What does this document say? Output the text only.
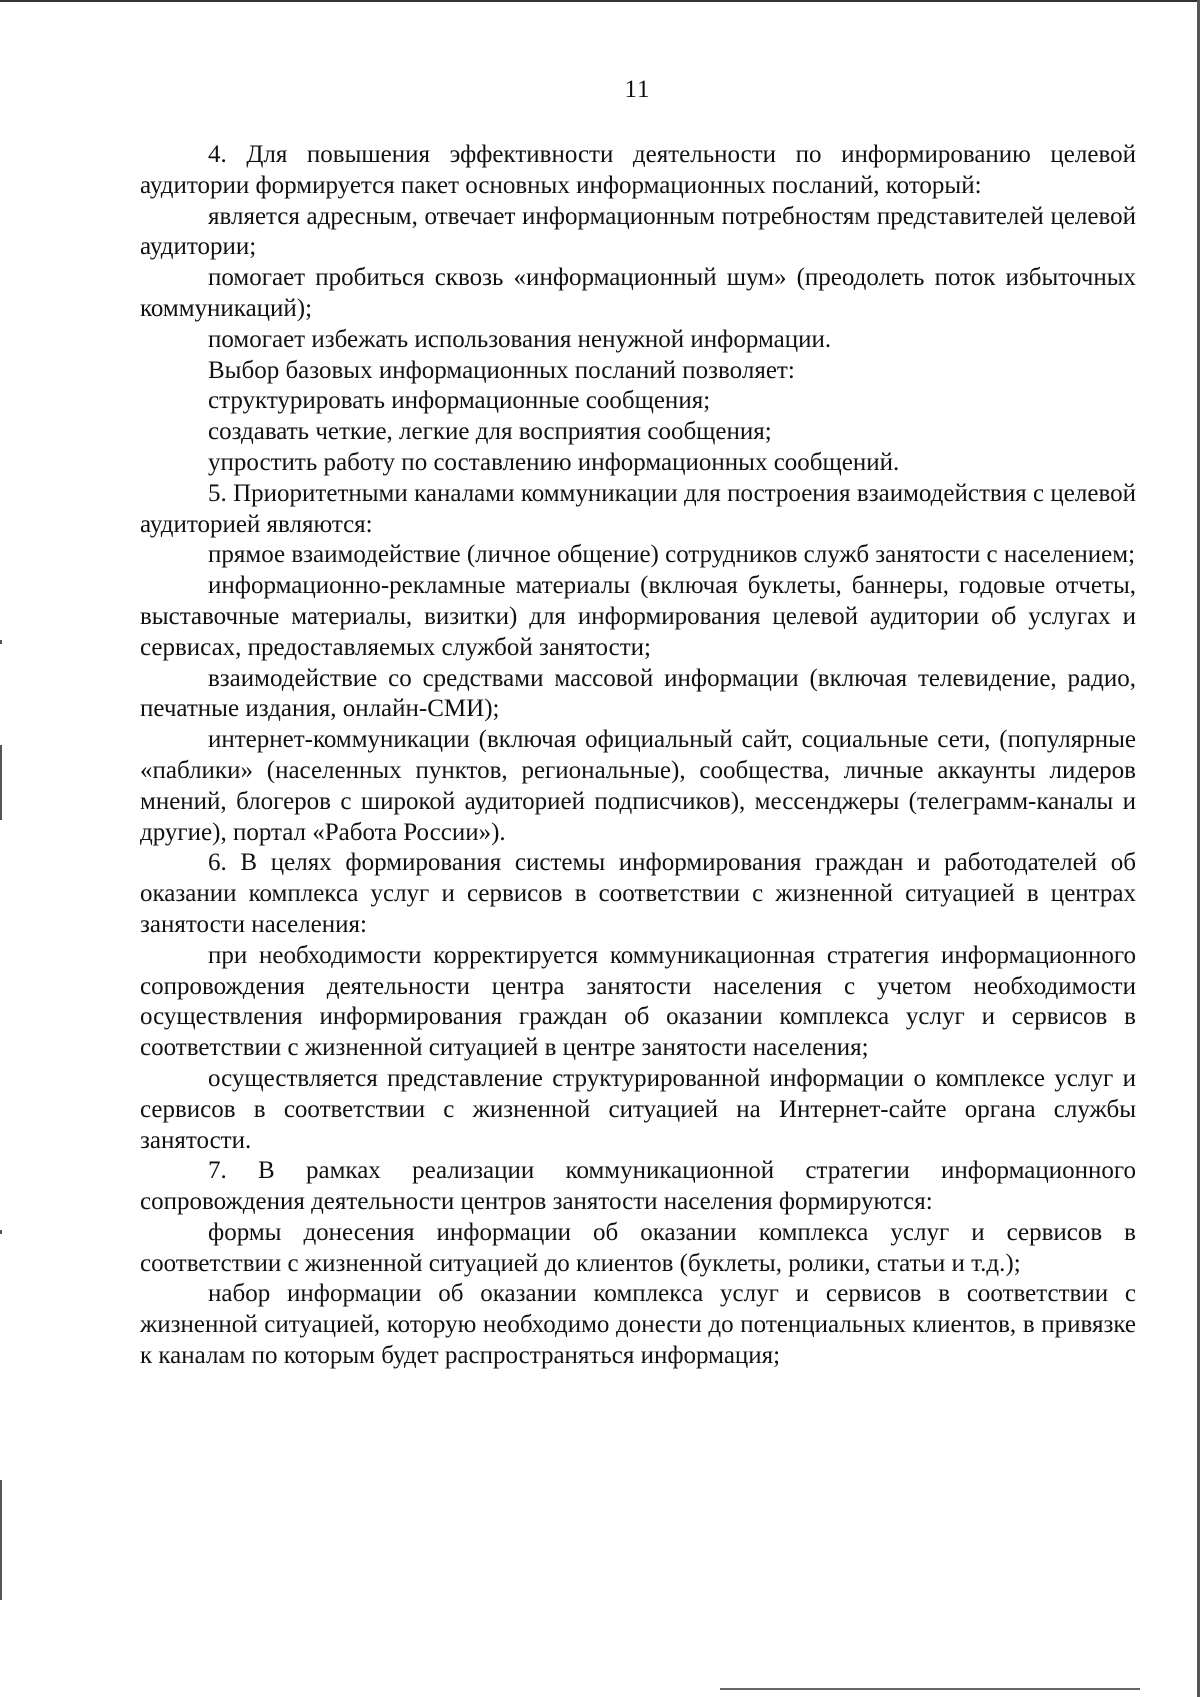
11

4. Для повышения эффективности деятельности по информированию целевой аудитории формируется пакет основных информационных посланий, который:

является адресным, отвечает информационным потребностям представителей целевой аудитории;

помогает пробиться сквозь «информационный шум» (преодолеть поток избыточных коммуникаций);

помогает избежать использования ненужной информации.

Выбор базовых информационных посланий позволяет:

структурировать информационные сообщения;

создавать четкие, легкие для восприятия сообщения;

упростить работу по составлению информационных сообщений.

5. Приоритетными каналами коммуникации для построения взаимодействия с целевой аудиторией являются:

прямое взаимодействие (личное общение) сотрудников служб занятости с населением;

информационно-рекламные материалы (включая буклеты, баннеры, годовые отчеты, выставочные материалы, визитки) для информирования целевой аудитории об услугах и сервисах, предоставляемых службой занятости;

взаимодействие со средствами массовой информации (включая телевидение, радио, печатные издания, онлайн-СМИ);

интернет-коммуникации (включая официальный сайт, социальные сети, (популярные «паблики» (населенных пунктов, региональные), сообщества, личные аккаунты лидеров мнений, блогеров с широкой аудиторией подписчиков), мессенджеры (телеграмм-каналы и другие), портал «Работа России»).

6. В целях формирования системы информирования граждан и работодателей об оказании комплекса услуг и сервисов в соответствии с жизненной ситуацией в центрах занятости населения:

при необходимости корректируется коммуникационная стратегия информационного сопровождения деятельности центра занятости населения с учетом необходимости осуществления информирования граждан об оказании комплекса услуг и сервисов в соответствии с жизненной ситуацией в центре занятости населения;

осуществляется представление структурированной информации о комплексе услуг и сервисов в соответствии с жизненной ситуацией на Интернет-сайте органа службы занятости.

7. В рамках реализации коммуникационной стратегии информационного сопровождения деятельности центров занятости населения формируются:

формы донесения информации об оказании комплекса услуг и сервисов в соответствии с жизненной ситуацией до клиентов (буклеты, ролики, статьи и т.д.);

набор информации об оказании комплекса услуг и сервисов в соответствии с жизненной ситуацией, которую необходимо донести до потенциальных клиентов, в привязке к каналам по которым будет распространяться информация;
